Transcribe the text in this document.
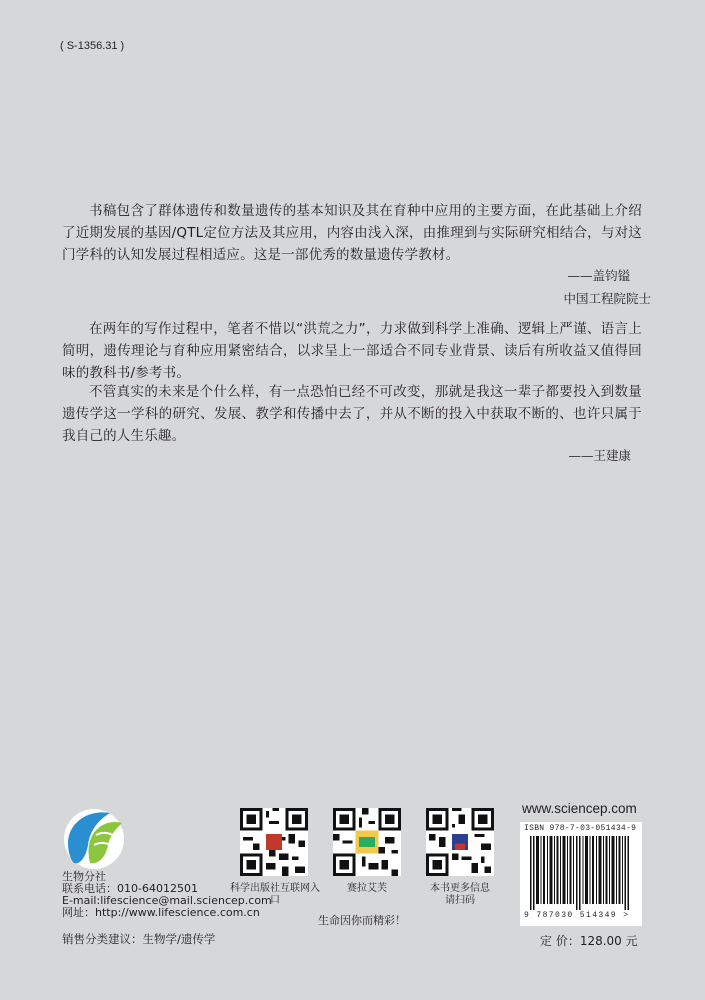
( S-1356.31 )
书稿包含了群体遗传和数量遗传的基本知识及其在育种中应用的主要方面，在此基础上介绍了近期发展的基因/QTL定位方法及其应用，内容由浅入深，由推理到与实际研究相结合，与对这门学科的认知发展过程相适应。这是一部优秀的数量遗传学教材。
——盖钧镒
中国工程院院士
在两年的写作过程中，笔者不惜以“洪荒之力”，力求做到科学上准确、逻辑上严谨、语言上简明，遗传理论与育种应用紧密结合，以求呈上一部适合不同专业背景、读后有所收益又值得回味的教科书/参考书。
不管真实的未来是个什么样，有一点恐怕已经不可改变，那就是我这一辈子都要投入到数量遗传学这一学科的研究、发展、教学和传播中去了，并从不断的投入中获取不断的、也许只属于我自己的人生乐趣。
——王建康
生物分社
联系电话：010-64012501
E-mail:lifescience@mail.sciencep.com
网址：http://www.lifescience.com.cn
销售分类建议：生物学/遗传学
科学出版社互联网入口
赛拉艾芙	本书更多信息
请扫码
生命因你而精彩！
www.sciencep.com
ISBN 978-7-03-051434-9
9 787030 514349 >
定 价：128.00 元
